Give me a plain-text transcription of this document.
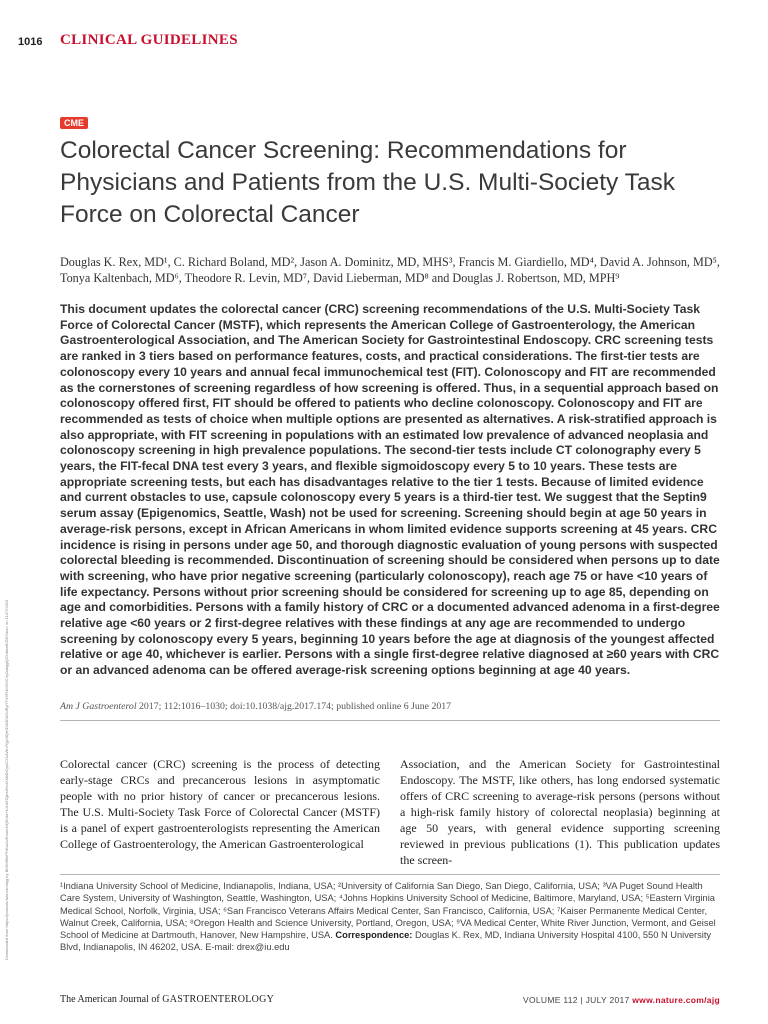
Downloaded from https://journals.lww.com/ajg by BhDMf5ePHKav1zEoum1tQfN4a+kJLhEZgbsIHo4XMi0hCywCX1AWnYQp/IlQrHD3i3D0OdRyi7TvSFl4Cf3VC1y0abggQZXdtwnfKZBYtws= on 11/27/2019
1016 CLINICAL GUIDELINES
CME
Colorectal Cancer Screening: Recommendations for Physicians and Patients from the U.S. Multi-Society Task Force on Colorectal Cancer
Douglas K. Rex, MD¹, C. Richard Boland, MD², Jason A. Dominitz, MD, MHS³, Francis M. Giardiello, MD⁴, David A. Johnson, MD⁵,
Tonya Kaltenbach, MD⁶, Theodore R. Levin, MD⁷, David Lieberman, MD⁸ and Douglas J. Robertson, MD, MPH⁹

This document updates the colorectal cancer (CRC) screening recommendations of the U.S. Multi-Society Task Force of Colorectal Cancer (MSTF), which represents the American College of Gastroenterology, the American Gastroenterological Association, and The American Society for Gastrointestinal Endoscopy. CRC screening tests are ranked in 3 tiers based on performance features, costs, and practical considerations. The first-tier tests are colonoscopy every 10 years and annual fecal immunochemical test (FIT). Colonoscopy and FIT are recommended as the cornerstones of screening regardless of how screening is offered. Thus, in a sequential approach based on colonoscopy offered first, FIT should be offered to patients who decline colonoscopy. Colonoscopy and FIT are recommended as tests of choice when multiple options are presented as alternatives. A risk-stratified approach is also appropriate, with FIT screening in populations with an estimated low prevalence of advanced neoplasia and colonoscopy screening in high prevalence populations. The second-tier tests include CT colonography every 5 years, the FIT-fecal DNA test every 3 years, and flexible sigmoidoscopy every 5 to 10 years. These tests are appropriate screening tests, but each has disadvantages relative to the tier 1 tests. Because of limited evidence and current obstacles to use, capsule colonoscopy every 5 years is a third-tier test. We suggest that the Septin9 serum assay (Epigenomics, Seattle, Wash) not be used for screening. Screening should begin at age 50 years in average-risk persons, except in African Americans in whom limited evidence supports screening at 45 years. CRC incidence is rising in persons under age 50, and thorough diagnostic evaluation of young persons with suspected colorectal bleeding is recommended. Discontinuation of screening should be considered when persons up to date with screening, who have prior negative screening (particularly colonoscopy), reach age 75 or have <10 years of life expectancy. Persons without prior screening should be considered for screening up to age 85, depending on age and comorbidities. Persons with a family history of CRC or a documented advanced adenoma in a first-degree relative age <60 years or 2 first-degree relatives with these findings at any age are recommended to undergo screening by colonoscopy every 5 years, beginning 10 years before the age at diagnosis of the youngest affected relative or age 40, whichever is earlier. Persons with a single first-degree relative diagnosed at ≥60 years with CRC or an advanced adenoma can be offered average-risk screening options beginning at age 40 years.

Am J Gastroenterol 2017; 112:1016–1030; doi:10.1038/ajg.2017.174; published online 6 June 2017

Colorectal cancer (CRC) screening is the process of detecting early-stage CRCs and precancerous lesions in asymptomatic people with no prior history of cancer or precancerous lesions. The U.S. Multi-Society Task Force of Colorectal Cancer (MSTF) is a panel of expert gastroenterologists representing the American College of Gastroenterology, the American Gastroenterological

Association, and the American Society for Gastrointestinal Endoscopy. The MSTF, like others, has long endorsed systematic offers of CRC screening to average-risk persons (persons without a high-risk family history of colorectal neoplasia) beginning at age 50 years, with general evidence supporting screening reviewed in previous publications (1). This publication updates the screen-

¹Indiana University School of Medicine, Indianapolis, Indiana, USA; ²University of California San Diego, San Diego, California, USA; ³VA Puget Sound Health Care System, University of Washington, Seattle, Washington, USA; ⁴Johns Hopkins University School of Medicine, Baltimore, Maryland, USA; ⁵Eastern Virginia Medical School, Norfolk, Virginia, USA; ⁶San Francisco Veterans Affairs Medical Center, San Francisco, California, USA; ⁷Kaiser Permanente Medical Center, Walnut Creek, California, USA; ⁸Oregon Health and Science University, Portland, Oregon, USA; ⁹VA Medical Center, White River Junction, Vermont, and Geisel School of Medicine at Dartmouth, Hanover, New Hampshire, USA. Correspondence: Douglas K. Rex, MD, Indiana University Hospital 4100, 550 N University Blvd, Indianapolis, IN 46202, USA. E-mail: drex@iu.edu

The American Journal of GASTROENTEROLOGY	VOLUME 112 | JULY 2017 www.nature.com/ajg
